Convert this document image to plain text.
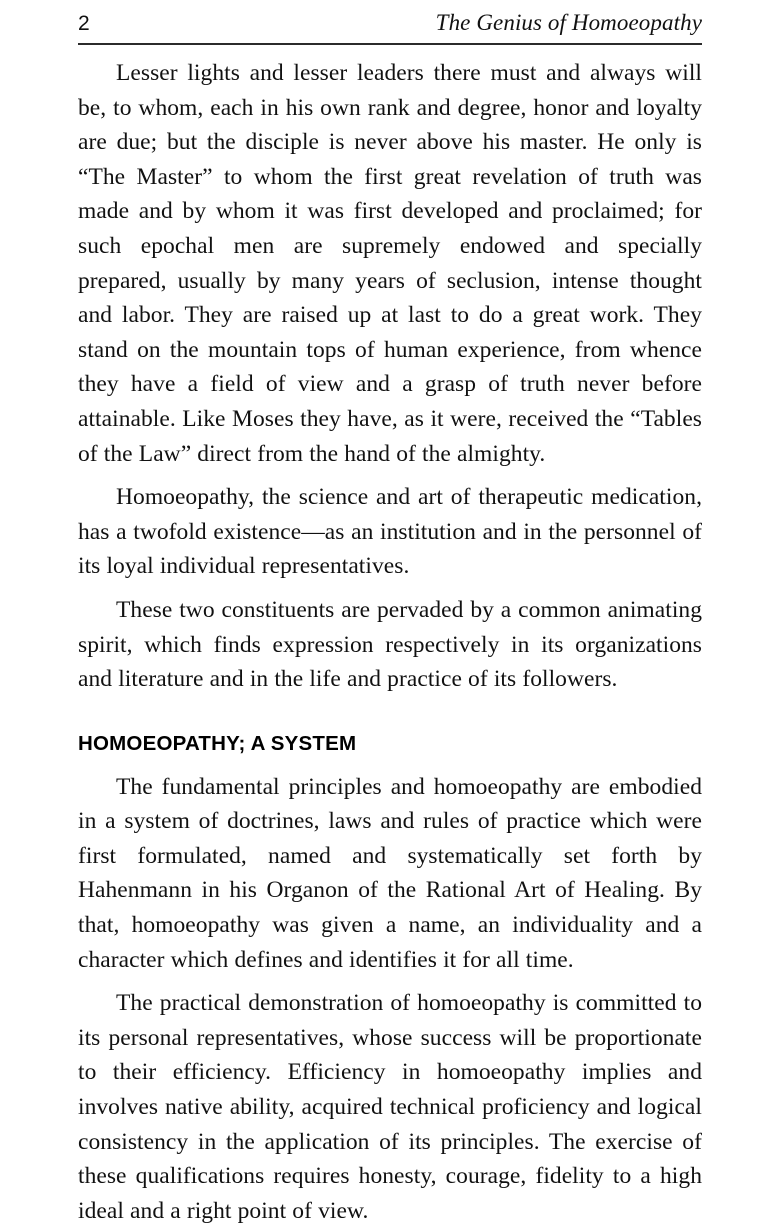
2	The Genius of Homoeopathy

Lesser lights and lesser leaders there must and always will be, to whom, each in his own rank and degree, honor and loyalty are due; but the disciple is never above his master. He only is “The Master” to whom the first great revelation of truth was made and by whom it was first developed and proclaimed; for such epochal men are supremely endowed and specially prepared, usually by many years of seclusion, intense thought and labor. They are raised up at last to do a great work. They stand on the mountain tops of human experience, from whence they have a field of view and a grasp of truth never before attainable. Like Moses they have, as it were, received the “Tables of the Law” direct from the hand of the almighty.

Homoeopathy, the science and art of therapeutic medication, has a twofold existence—as an institution and in the personnel of its loyal individual representatives.

These two constituents are pervaded by a common animating spirit, which finds expression respectively in its organizations and literature and in the life and practice of its followers.

HOMOEOPATHY; A SYSTEM

The fundamental principles and homoeopathy are embodied in a system of doctrines, laws and rules of practice which were first formulated, named and systematically set forth by Hahenmann in his Organon of the Rational Art of Healing. By that, homoeopathy was given a name, an individuality and a character which defines and identifies it for all time.

The practical demonstration of homoeopathy is committed to its personal representatives, whose success will be proportionate to their efficiency. Efficiency in homoeopathy implies and involves native ability, acquired technical proficiency and logical consistency in the application of its principles. The exercise of these qualifications requires honesty, courage, fidelity to a high ideal and a right point of view.
